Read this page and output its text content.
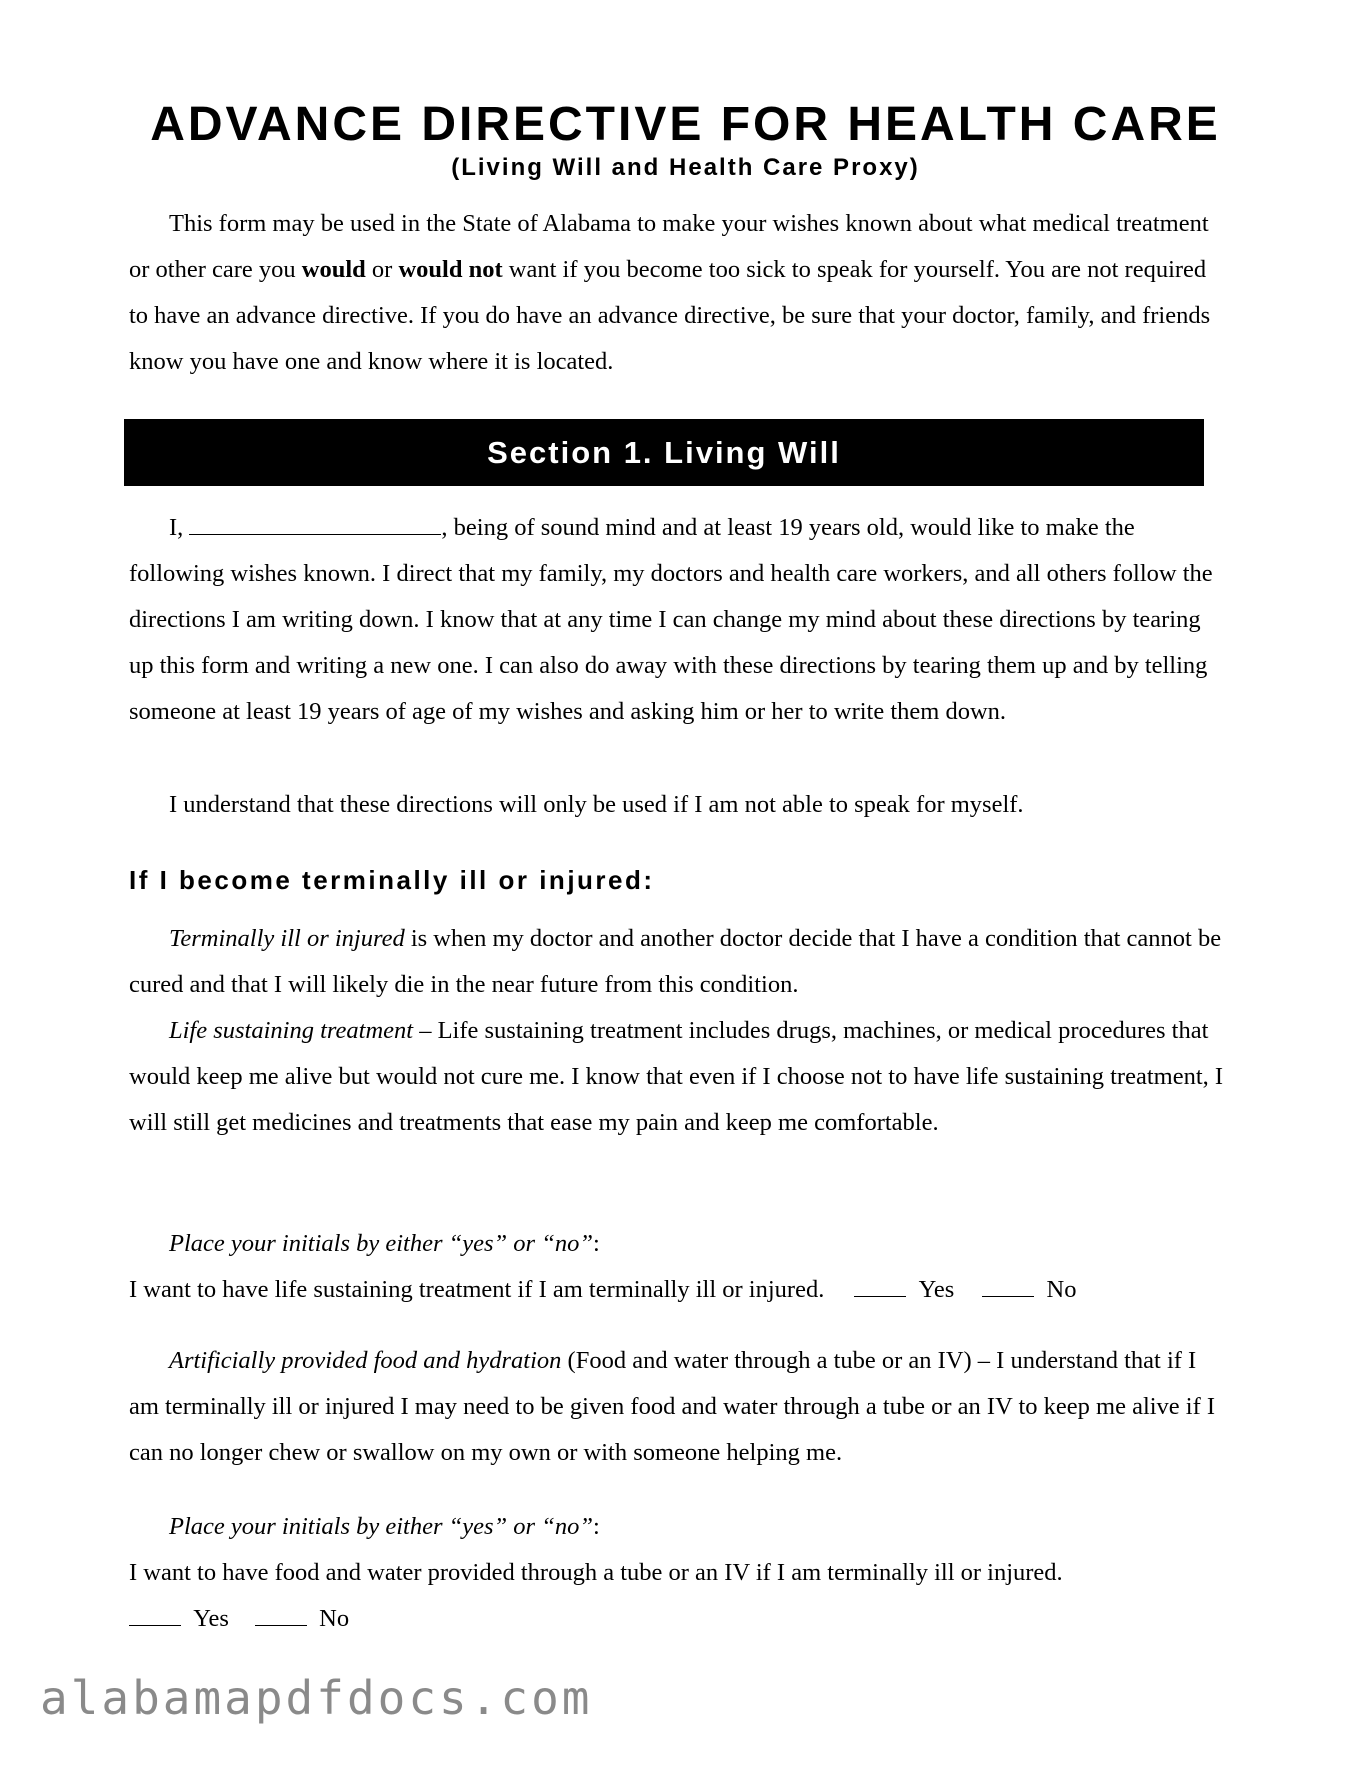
ADVANCE DIRECTIVE FOR HEALTH CARE
(Living Will and Health Care Proxy)

This form may be used in the State of Alabama to make your wishes known about what medical treatment or other care you would or would not want if you become too sick to speak for yourself. You are not required to have an advance directive. If you do have an advance directive, be sure that your doctor, family, and friends know you have one and know where it is located.

Section 1. Living Will

I,	, being of sound mind and at least 19 years old, would like to make the following wishes known. I direct that my family, my doctors and health care workers, and all others follow the directions I am writing down. I know that at any time I can change my mind about these directions by tearing up this form and writing a new one. I can also do away with these directions by tearing them up and by telling someone at least 19 years of age of my wishes and asking him or her to write them down.

I understand that these directions will only be used if I am not able to speak for myself.

If I become terminally ill or injured:

Terminally ill or injured is when my doctor and another doctor decide that I have a condition that cannot be cured and that I will likely die in the near future from this condition.

Life sustaining treatment – Life sustaining treatment includes drugs, machines, or medical procedures that would keep me alive but would not cure me. I know that even if I choose not to have life sustaining treatment, I will still get medicines and treatments that ease my pain and keep me comfortable.

Place your initials by either “yes” or “no”:

I want to have life sustaining treatment if I am terminally ill or injured.	Yes	No

Artificially provided food and hydration (Food and water through a tube or an IV) – I understand that if I am terminally ill or injured I may need to be given food and water through a tube or an IV to keep me alive if I can no longer chew or swallow on my own or with someone helping me.

Place your initials by either “yes” or “no”:

I want to have food and water provided through a tube or an IV if I am terminally ill or injured.

Yes	No

alabamapdfdocs.com
